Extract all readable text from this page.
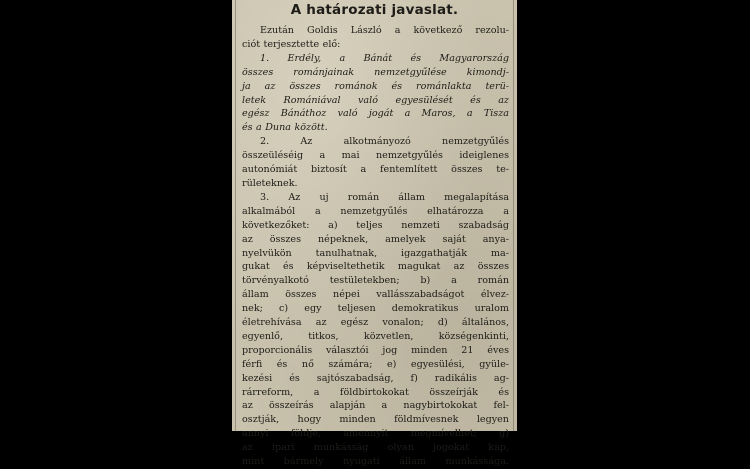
A határozati javaslat.
Ezután Goldis László a következő rezolu-
ciót terjesztette elő:
1. Erdély, a Bánát és Magyarország
összes románjainak nemzetgyűlése kimondj-
ja az összes románok és románlakta terü-
letek Romániával való egyesülését és az
egész Bánáthoz való jogát a Maros, a Tisza
és a Duna között.
2. Az alkotmányozó nemzetgyűlés
összeüléséig a mai nemzetgyűlés ideiglenes
autonómiát biztosít a fentemlített összes te-
rületeknek.
3. Az uj román állam megalapítása
alkalmából a nemzetgyűlés elhatározza a
következőket: a) teljes nemzeti szabadság
az összes népeknek, amelyek saját anya-
nyelvükön tanulhatnak, igazgathatják ma-
gukat és képviseltethetik magukat az összes
törvényalkotó testületekben; b) a román
állam összes népei vallásszabadságot élvez-
nek; c) egy teljesen demokratikus uralom
életrehívása az egész vonalon; d) általános,
egyenlő, titkos, közvetlen, községenkinti,
proporcionális választói jog minden 21 éves
férfi és nő számára; e) egyesülési, gyüle-
kezési és sajtószabadság, f) radikális ag-
rárreform, a földbirtokokat összeírják és
az összeírás alapján a nagybirtokokat fel-
osztják, hogy minden földmívesnek legyen
annyi földje, amennyit megmívelhet; g)
az ipari munkásság olyan jogokat kap,
mint bármely nyugati állam munkássága.
